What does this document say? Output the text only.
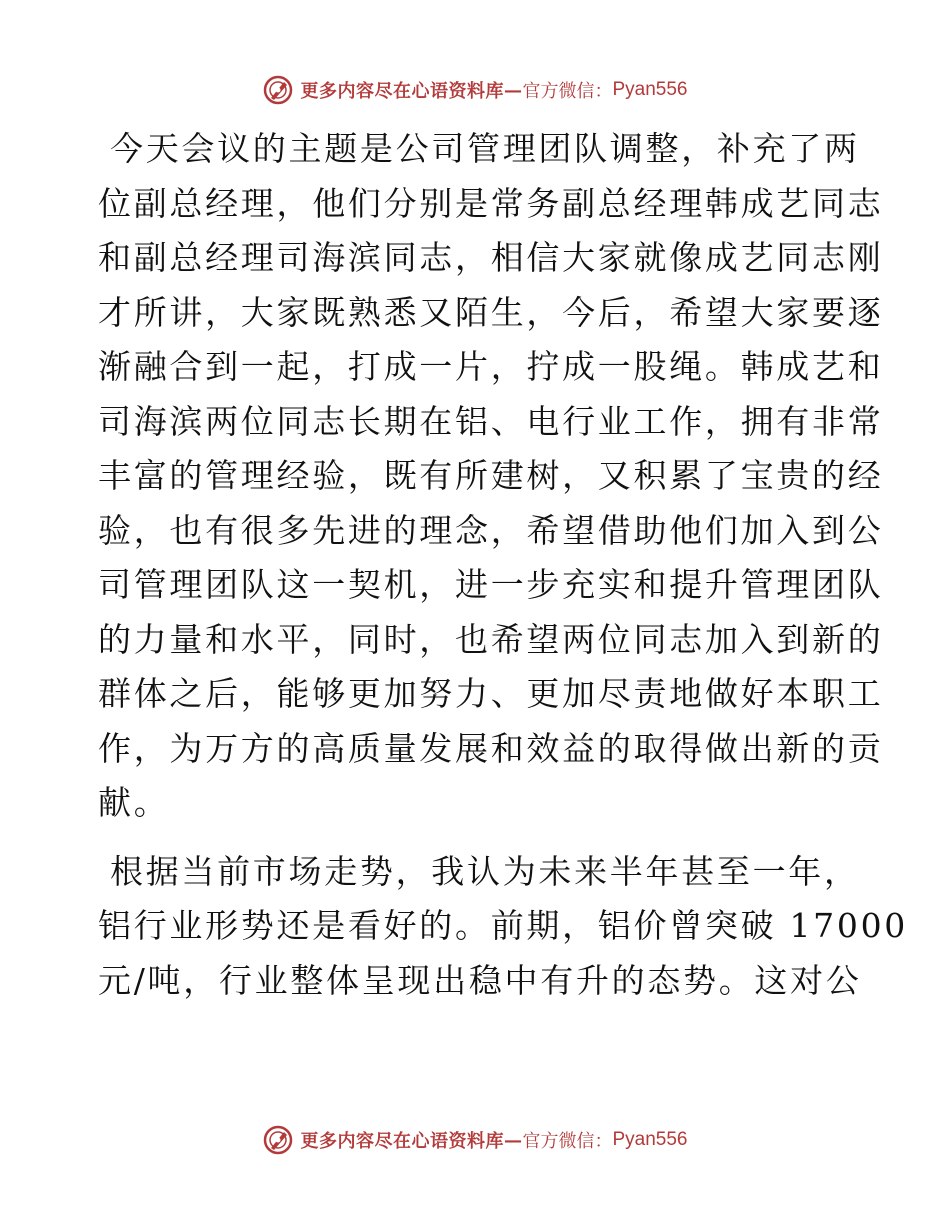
更多内容尽在心语资料库 — 官方微信： Pyan556

今天会议的主题是公司管理团队调整，补充了两
位副总经理，他们分别是常务副总经理韩成艺同志
和副总经理司海滨同志，相信大家就像成艺同志刚
才所讲，大家既熟悉又陌生，今后，希望大家要逐
渐融合到一起，打成一片，拧成一股绳。韩成艺和
司海滨两位同志长期在铝、电行业工作，拥有非常
丰富的管理经验，既有所建树，又积累了宝贵的经
验，也有很多先进的理念，希望借助他们加入到公
司管理团队这一契机，进一步充实和提升管理团队
的力量和水平，同时，也希望两位同志加入到新的
群体之后，能够更加努力、更加尽责地做好本职工
作，为万方的高质量发展和效益的取得做出新的贡
献。

根据当前市场走势，我认为未来半年甚至一年，
铝行业形势还是看好的。前期，铝价曾突破 17000
元/吨，行业整体呈现出稳中有升的态势。这对公

更多内容尽在心语资料库 — 官方微信： Pyan556
